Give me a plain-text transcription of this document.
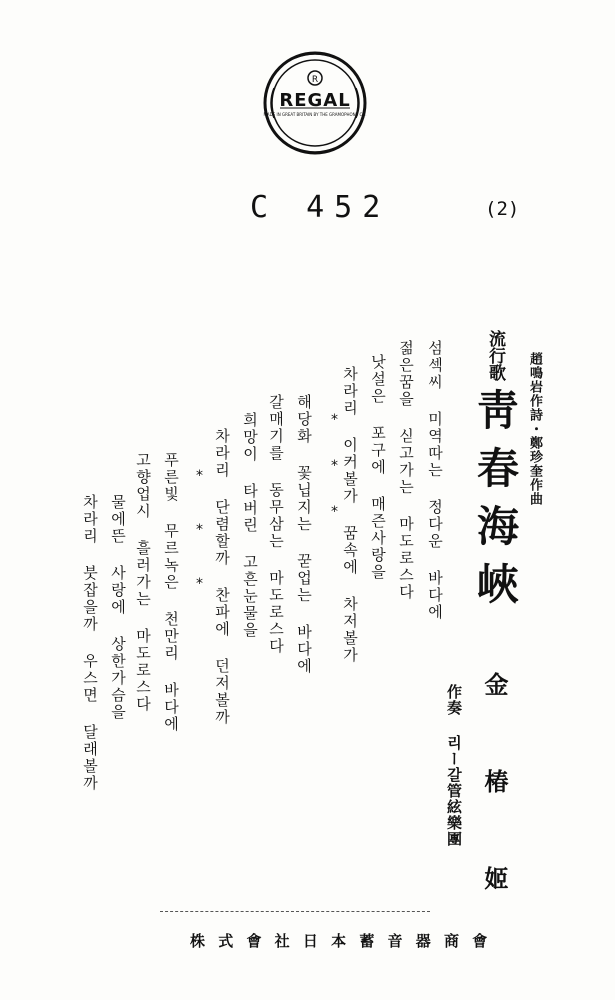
R
MADE IN GREAT BRITAIN BY THE GRAMOPHONE CO.
REGAL
C 452	(2)
趙鳴岩作詩・鄭珍奎作曲
流行歌
靑春海峽
金 椿 姬
作奏 리ー갈管絃樂團
섬섹씨 미역따는 정다운 바다에
젊은꿈을 싣고가는 마도로스다
낫설은 포구에 매즌사랑을
차라리 이커볼가 꿈속에 차저볼가
*
*
*
해당화 꽃닙지는 꾿업는 바다에
갈매기를 동무삼는 마도로스다
희망이 타버린 고흔눈물을
차라리 단렴할까 찬파에 던저볼까
*
*
*
푸른빛 무르녹은 천만리 바다에
고향업시 흘러가는 마도로스다
물에뜬 사랑에 상한가슴을
차라리 붓잡을까 우스면 달래볼까
株 式 會 社 日 本 蓄 音 器 商 會
